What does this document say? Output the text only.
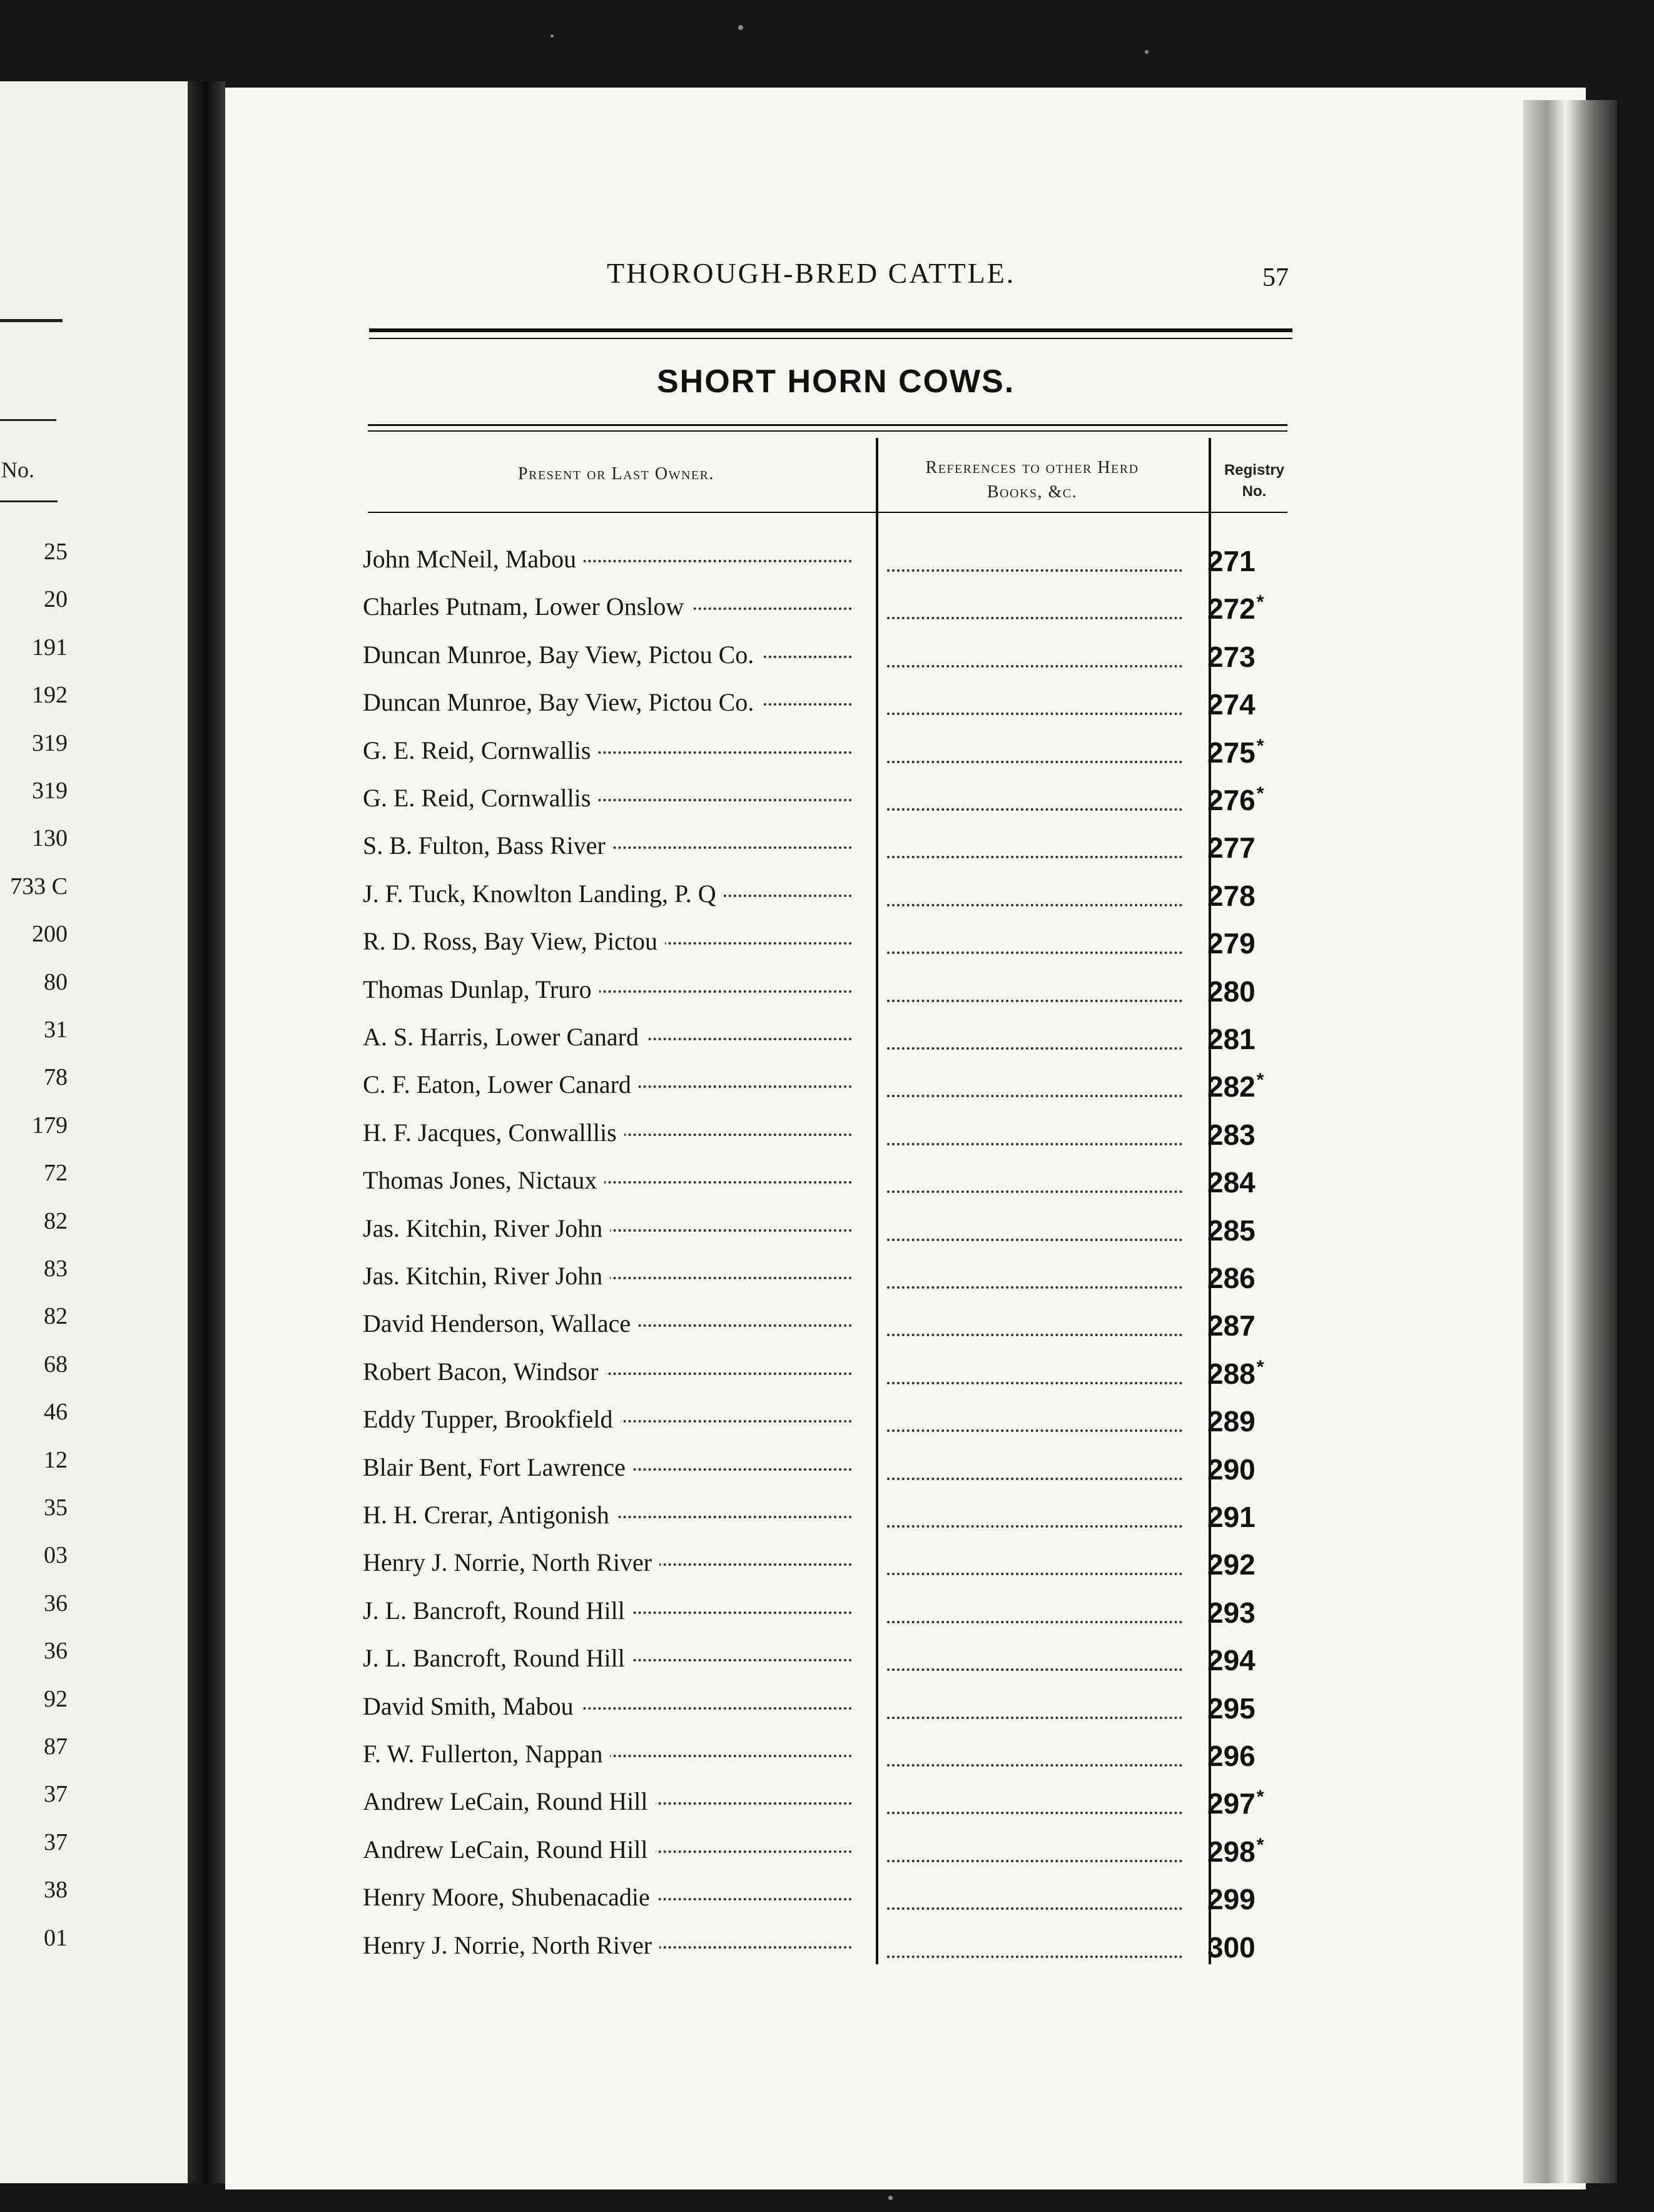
No.
25
20
191
192
319
319
130
733 C
200
80
31
78
179
72
82
83
82
68
46
12
35
03
36
36
92
87
37
37
38
01
THOROUGH-BRED CATTLE.	57
SHORT HORN COWS.
Present or Last Owner.	References to other Herd Books, &c.
Registry No.
John McNeil, Mabou	271
Charles Putnam, Lower Onslow	272*
Duncan Munroe, Bay View, Pictou Co.	273
Duncan Munroe, Bay View, Pictou Co.	274
G. E. Reid, Cornwallis	275*
G. E. Reid, Cornwallis	276*
S. B. Fulton, Bass River	277
J. F. Tuck, Knowlton Landing, P. Q	278
R. D. Ross, Bay View, Pictou	279
Thomas Dunlap, Truro	280
A. S. Harris, Lower Canard	281
C. F. Eaton, Lower Canard	282*
H. F. Jacques, Conwalllis	283
Thomas Jones, Nictaux	284
Jas. Kitchin, River John	285
Jas. Kitchin, River John	286
David Henderson, Wallace	287
Robert Bacon, Windsor	288*
Eddy Tupper, Brookfield	289
Blair Bent, Fort Lawrence	290
H. H. Crerar, Antigonish	291
Henry J. Norrie, North River	292
J. L. Bancroft, Round Hill	293
J. L. Bancroft, Round Hill	294
David Smith, Mabou	295
F. W. Fullerton, Nappan	296
Andrew LeCain, Round Hill	297*
Andrew LeCain, Round Hill	298*
Henry Moore, Shubenacadie	299
Henry J. Norrie, North River	300
